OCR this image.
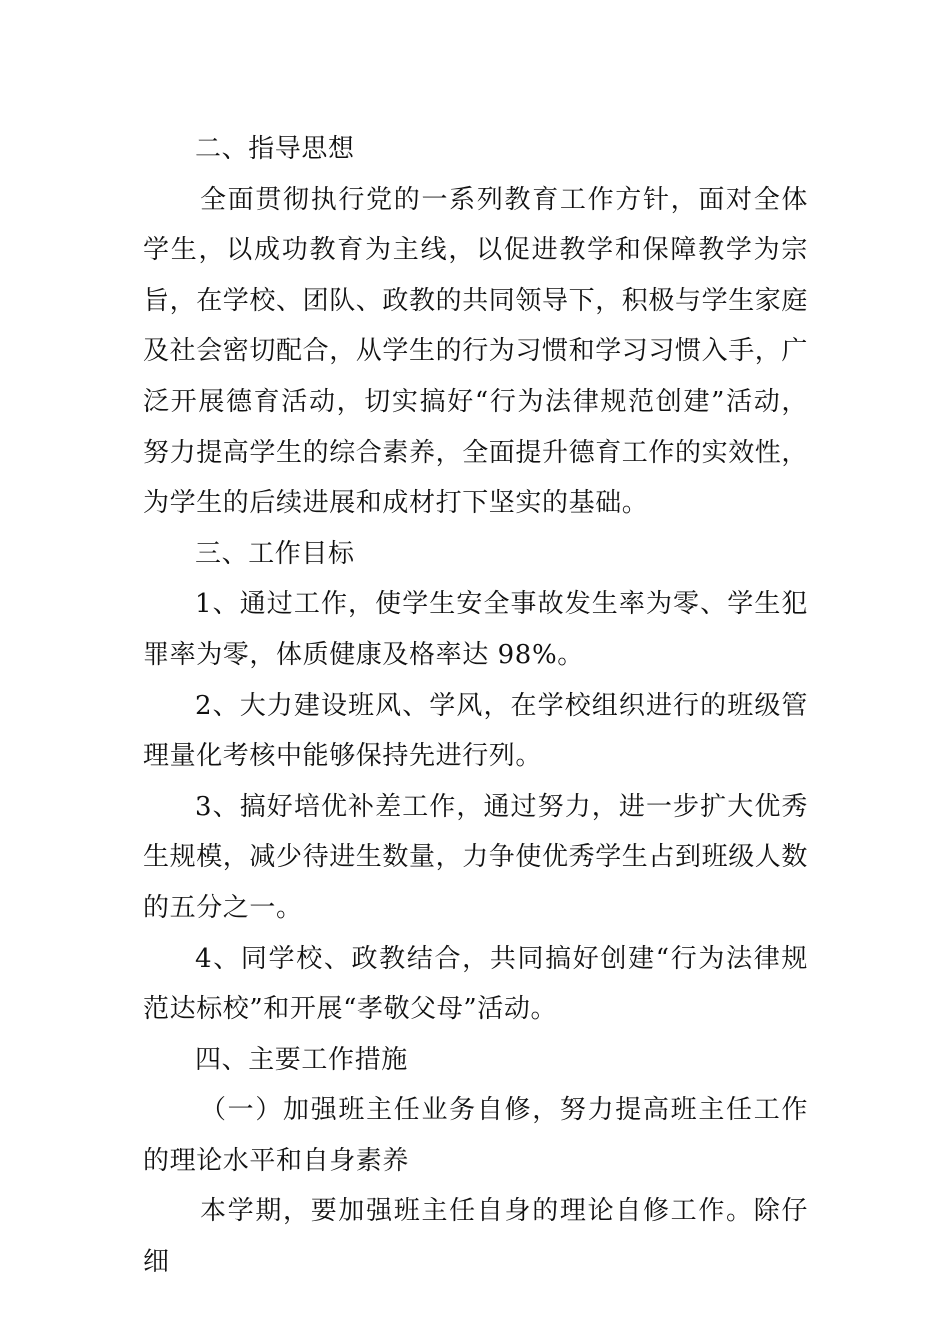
二、指导思想

全面贯彻执行党的一系列教育工作方针，面对全体学生，以成功教育为主线，以促进教学和保障教学为宗旨，在学校、团队、政教的共同领导下，积极与学生家庭及社会密切配合，从学生的行为习惯和学习习惯入手，广泛开展德育活动，切实搞好“行为法律规范创建”活动，努力提高学生的综合素养，全面提升德育工作的实效性，为学生的后续进展和成材打下坚实的基础。

三、工作目标

1、通过工作，使学生安全事故发生率为零、学生犯罪率为零，体质健康及格率达 98%。

2、大力建设班风、学风，在学校组织进行的班级管理量化考核中能够保持先进行列。

3、搞好培优补差工作，通过努力，进一步扩大优秀生规模，减少待进生数量，力争使优秀学生占到班级人数的五分之一。

4、同学校、政教结合，共同搞好创建“行为法律规范达标校”和开展“孝敬父母”活动。

四、主要工作措施

（一）加强班主任业务自修，努力提高班主任工作的理论水平和自身素养

本学期，要加强班主任自身的理论自修工作。除仔细
